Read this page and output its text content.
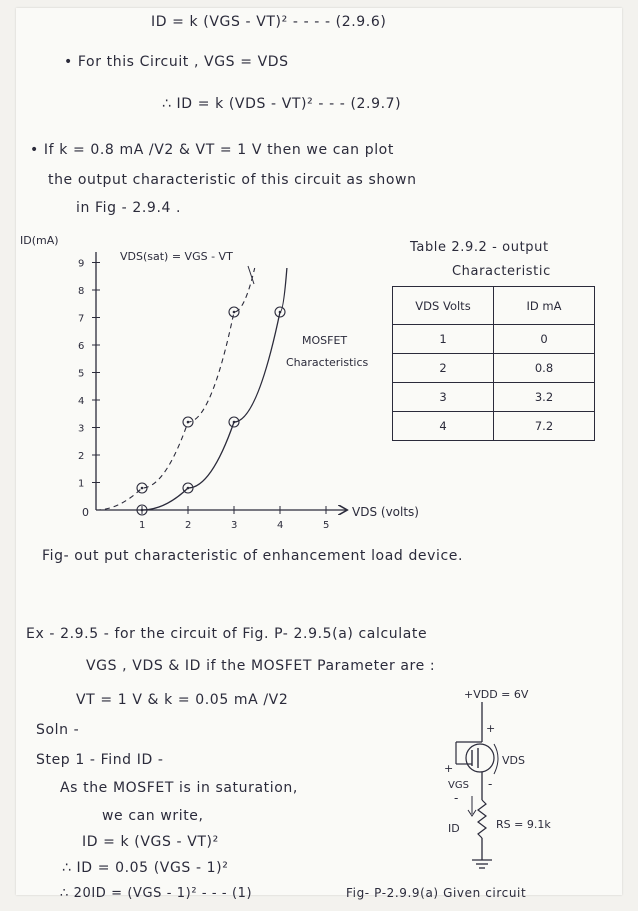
ID = k (VGS - VT)² - - - - (2.9.6)
• For this Circuit , VGS = VDS
∴ ID = k (VDS - VT)² - - - (2.9.7)
• If k = 0.8 mA /V2 & VT = 1 V then we can plot
the output characteristic of this circuit as shown
in Fig - 2.9.4 .
ID(mA)
VDS (volts)
0
1
2
3
4
5
6
7
8
9
1	2	3	4	5
VDS(sat) = VGS - VT
MOSFET
Characteristics
Table 2.9.2 - output
Characteristic
VDS Volts	ID mA
1	0
2	0.8
3	3.2
4	7.2
Fig- out put characteristic of enhancement load device.
Ex - 2.9.5 - for the circuit of Fig. P- 2.9.5(a) calculate
VGS , VDS & ID if the MOSFET Parameter are :
VT = 1 V & k = 0.05 mA /V2
Soln -
Step 1 - Find ID -
As the MOSFET is in saturation,
we can write,
ID = k (VGS - VT)²
∴ ID = 0.05 (VGS - 1)²
∴ 20ID = (VGS - 1)² - - - (1)
+VDD = 6V
+
+
VDS
-
VGS
-
ID	RS = 9.1k
Fig- P-2.9.9(a) Given circuit
